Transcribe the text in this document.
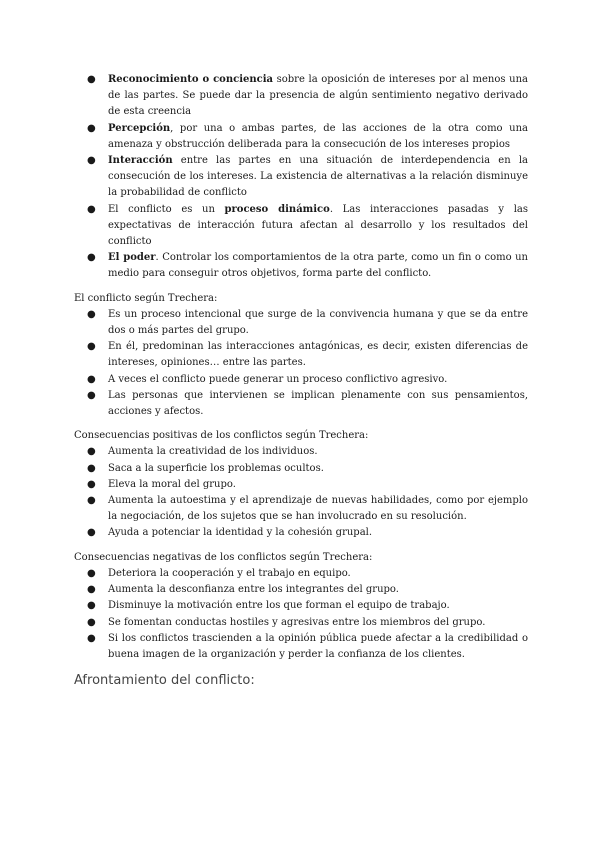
● Reconocimiento o conciencia sobre la oposición de intereses por al menos una de las partes. Se puede dar la presencia de algún sentimiento negativo derivado de esta creencia
● Percepción, por una o ambas partes, de las acciones de la otra como una amenaza y obstrucción deliberada para la consecución de los intereses propios
● Interacción entre las partes en una situación de interdependencia en la consecución de los intereses. La existencia de alternativas a la relación disminuye la probabilidad de conflicto
● El conflicto es un proceso dinámico. Las interacciones pasadas y las expectativas de interacción futura afectan al desarrollo y los resultados del conflicto
● El poder. Controlar los comportamientos de la otra parte, como un fin o como un medio para conseguir otros objetivos, forma parte del conflicto.
El conflicto según Trechera:
● Es un proceso intencional que surge de la convivencia humana y que se da entre dos o más partes del grupo.
● En él, predominan las interacciones antagónicas, es decir, existen diferencias de intereses, opiniones… entre las partes.
● A veces el conflicto puede generar un proceso conflictivo agresivo.
● Las personas que intervienen se implican plenamente con sus pensamientos, acciones y afectos.
Consecuencias positivas de los conflictos según Trechera:
● Aumenta la creatividad de los individuos.
● Saca a la superficie los problemas ocultos.
● Eleva la moral del grupo.
● Aumenta la autoestima y el aprendizaje de nuevas habilidades, como por ejemplo la negociación, de los sujetos que se han involucrado en su resolución.
● Ayuda a potenciar la identidad y la cohesión grupal.
Consecuencias negativas de los conflictos según Trechera:
● Deteriora la cooperación y el trabajo en equipo.
● Aumenta la desconfianza entre los integrantes del grupo.
● Disminuye la motivación entre los que forman el equipo de trabajo.
● Se fomentan conductas hostiles y agresivas entre los miembros del grupo.
● Si los conflictos trascienden a la opinión pública puede afectar a la credibilidad o buena imagen de la organización y perder la confianza de los clientes.
Afrontamiento del conflicto:
